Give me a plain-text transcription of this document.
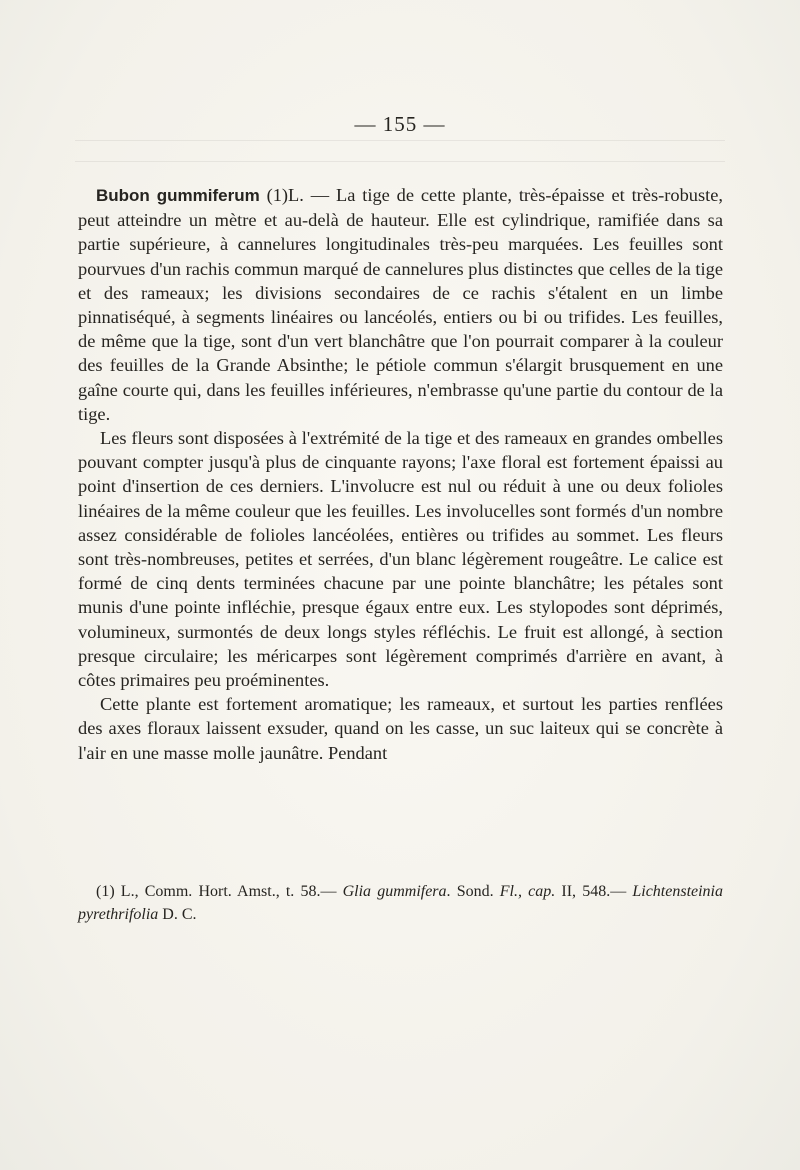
— 155 —

Bubon gummiferum (1)L. — La tige de cette plante, très-épaisse et très-robuste, peut atteindre un mètre et au-delà de hauteur. Elle est cylindrique, ramifiée dans sa partie supérieure, à cannelures longitudinales très-peu marquées. Les feuilles sont pourvues d'un rachis commun marqué de cannelures plus distinctes que celles de la tige et des rameaux; les divisions secondaires de ce rachis s'étalent en un limbe pinnatiséqué, à segments linéaires ou lancéolés, entiers ou bi ou trifides. Les feuilles, de même que la tige, sont d'un vert blanchâtre que l'on pourrait comparer à la couleur des feuilles de la Grande Absinthe; le pétiole commun s'élargit brusquement en une gaîne courte qui, dans les feuilles inférieures, n'embrasse qu'une partie du contour de la tige.

Les fleurs sont disposées à l'extrémité de la tige et des rameaux en grandes ombelles pouvant compter jusqu'à plus de cinquante rayons; l'axe floral est fortement épaissi au point d'insertion de ces derniers. L'involucre est nul ou réduit à une ou deux folioles linéaires de la même couleur que les feuilles. Les involucelles sont formés d'un nombre assez considérable de folioles lancéolées, entières ou trifides au sommet. Les fleurs sont très-nombreuses, petites et serrées, d'un blanc légèrement rougeâtre. Le calice est formé de cinq dents terminées chacune par une pointe blanchâtre; les pétales sont munis d'une pointe infléchie, presque égaux entre eux. Les stylopodes sont déprimés, volumineux, surmontés de deux longs styles réfléchis. Le fruit est allongé, à section presque circulaire; les méricarpes sont légèrement comprimés d'arrière en avant, à côtes primaires peu proéminentes.

Cette plante est fortement aromatique; les rameaux, et surtout les parties renflées des axes floraux laissent exsuder, quand on les casse, un suc laiteux qui se concrète à l'air en une masse molle jaunâtre. Pendant

(1) L., Comm. Hort. Amst., t. 58.— Glia gummifera. Sond. Fl., cap. II, 548.— Lichtensteinia pyrethrifolia D. C.
